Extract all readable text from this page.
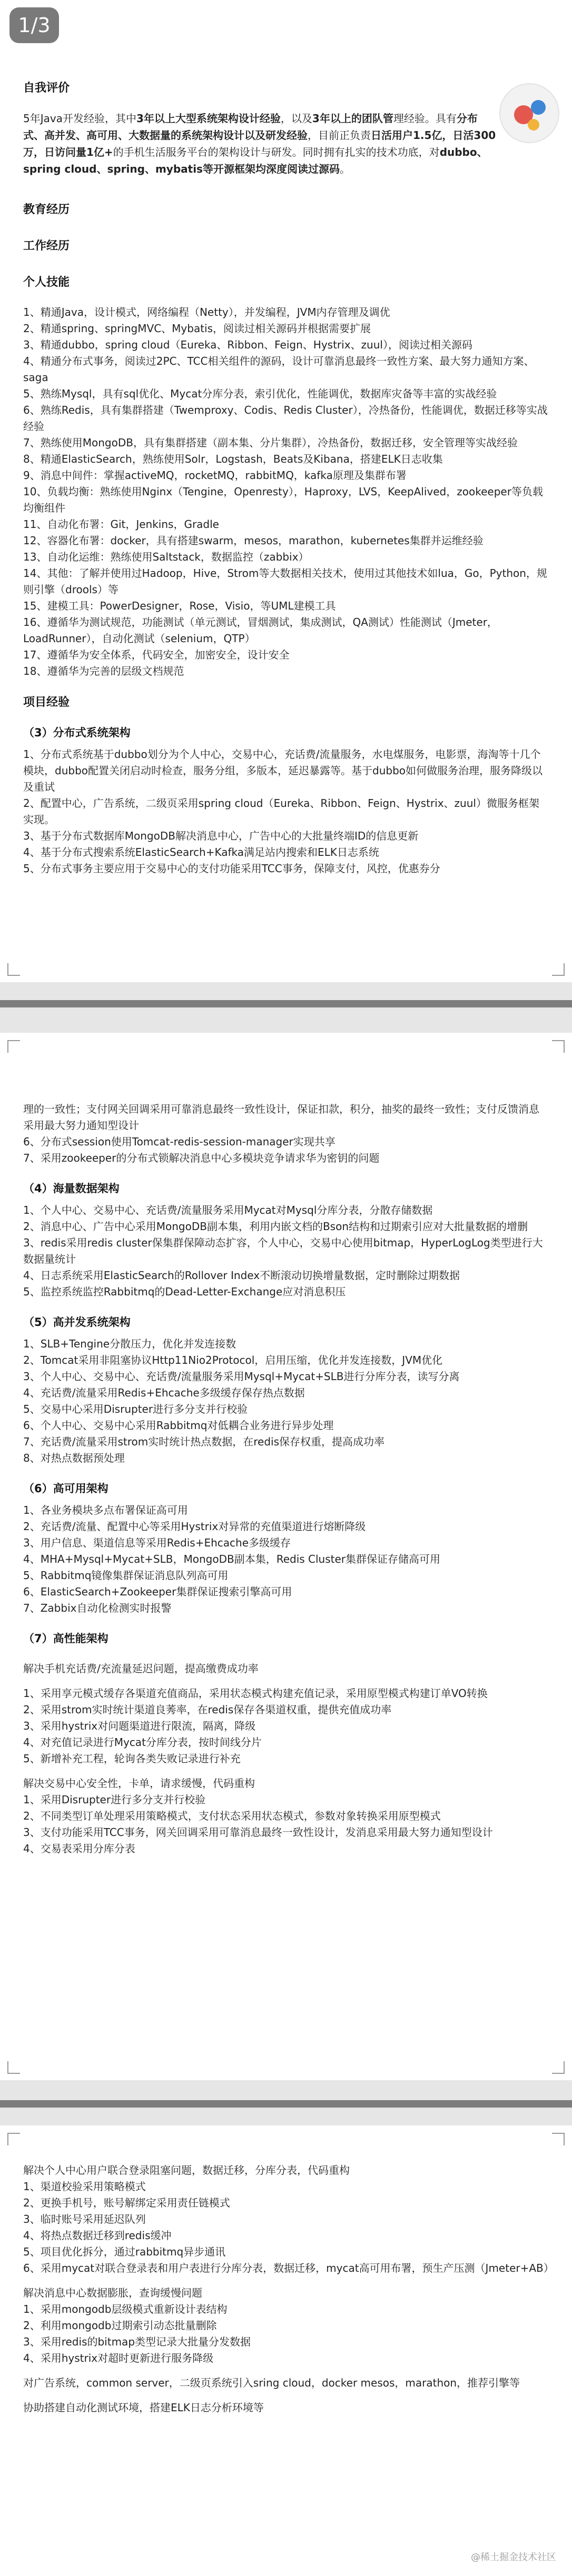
1/3
自我评价

5年Java开发经验，其中3年以上大型系统架构设计经验，以及3年以上的团队管理经验。具有分布式、高并发、高可用、大数据量的系统架构设计以及研发经验，目前正负责日活用户1.5亿，日活300万，日访问量1亿+的手机生活服务平台的架构设计与研发。同时拥有扎实的技术功底，对dubbo、spring cloud、spring、mybatis等开源框架均深度阅读过源码。

教育经历
工作经历
个人技能

1、精通Java，设计模式，网络编程（Netty），并发编程，JVM内存管理及调优

2、精通spring、springMVC、Mybatis，阅读过相关源码并根据需要扩展

3、精通dubbo，spring cloud（Eureka、Ribbon、Feign、Hystrix、zuul），阅读过相关源码

4、精通分布式事务，阅读过2PC、TCC相关组件的源码，设计可靠消息最终一致性方案、最大努力通知方案、saga

5、熟练Mysql，具有sql优化、Mycat分库分表，索引优化，性能调优，数据库灾备等丰富的实战经验

6、熟练Redis，具有集群搭建（Twemproxy、Codis、Redis Cluster），冷热备份，性能调优，数据迁移等实战经验

7、熟练使用MongoDB，具有集群搭建（副本集、分片集群），冷热备份，数据迁移，安全管理等实战经验

8、精通ElasticSearch，熟练使用Solr，Logstash，Beats及Kibana，搭建ELK日志收集

9、消息中间件：掌握activeMQ，rocketMQ，rabbitMQ，kafka原理及集群布署

10、负载均衡：熟练使用Nginx（Tengine，Openresty），Haproxy，LVS，KeepAlived，zookeeper等负载均衡组件

11、自动化布署：Git，Jenkins，Gradle

12、容器化布署：docker，具有搭建swarm，mesos，marathon，kubernetes集群并运维经验

13、自动化运维：熟练使用Saltstack，数据监控（zabbix）

14、其他：了解并使用过Hadoop，Hive，Strom等大数据相关技术，使用过其他技术如lua，Go，Python，规则引擎（drools）等

15、建模工具：PowerDesigner，Rose，Visio，等UML建模工具

16、遵循华为测试规范，功能测试（单元测试，冒烟测试，集成测试，QA测试）性能测试（Jmeter，LoadRunner），自动化测试（selenium，QTP）

17、遵循华为安全体系，代码安全，加密安全，设计安全

18、遵循华为完善的层级文档规范

项目经验
（3）分布式系统架构

1、分布式系统基于dubbo划分为个人中心，交易中心，充话费/流量服务，水电煤服务，电影票，海淘等十几个模块，dubbo配置关闭启动时检查，服务分组，多版本，延迟暴露等。基于dubbo如何做服务治理，服务降级以及重试

2、配置中心，广告系统，二级页采用spring cloud（Eureka、Ribbon、Feign、Hystrix、zuul）微服务框架实现。

3、基于分布式数据库MongoDB解决消息中心，广告中心的大批量终端ID的信息更新

4、基于分布式搜索系统ElasticSearch+Kafka满足站内搜索和ELK日志系统

5、分布式事务主要应用于交易中心的支付功能采用TCC事务，保障支付，风控，优惠券分

理的一致性；支付网关回调采用可靠消息最终一致性设计，保证扣款，积分，抽奖的最终一致性；支付反馈消息采用最大努力通知型设计

6、分布式session使用Tomcat-redis-session-manager实现共享

7、采用zookeeper的分布式锁解决消息中心多模块竞争请求华为密钥的问题

（4）海量数据架构

1、个人中心、交易中心、充话费/流量服务采用Mycat对Mysql分库分表，分散存储数据

2、消息中心、广告中心采用MongoDB副本集，利用内嵌文档的Bson结构和过期索引应对大批量数据的增删

3、redis采用redis cluster保集群保障动态扩容，个人中心，交易中心使用bitmap，HyperLogLog类型进行大数据量统计

4、日志系统采用ElasticSearch的Rollover Index不断滚动切换增量数据，定时删除过期数据

5、监控系统监控Rabbitmq的Dead-Letter-Exchange应对消息积压

（5）高并发系统架构

1、SLB+Tengine分散压力，优化并发连接数

2、Tomcat采用非阻塞协议Http11Nio2Protocol，启用压缩，优化并发连接数，JVM优化

3、个人中心、交易中心、充话费/流量服务采用Mysql+Mycat+SLB进行分库分表，读写分离

4、充话费/流量采用Redis+Ehcache多级缓存保存热点数据

5、交易中心采用Disrupter进行多分支并行校验

6、个人中心、交易中心采用Rabbitmq对低耦合业务进行异步处理

7、充话费/流量采用strom实时统计热点数据，在redis保存权重，提高成功率

8、对热点数据预处理

（6）高可用架构

1、各业务模块多点布署保证高可用

2、充话费/流量、配置中心等采用Hystrix对异常的充值渠道进行熔断降级

3、用户信息、渠道信息等采用Redis+Ehcache多级缓存

4、MHA+Mysql+Mycat+SLB，MongoDB副本集，Redis Cluster集群保证存储高可用

5、Rabbitmq镜像集群保证消息队列高可用

6、ElasticSearch+Zookeeper集群保证搜索引擎高可用

7、Zabbix自动化检测实时报警

（7）高性能架构

解决手机充话费/充流量延迟问题，提高缴费成功率

1、采用享元模式缓存各渠道充值商品，采用状态模式构建充值记录，采用原型模式构建订单VO转换

2、采用strom实时统计渠道良莠率，在redis保存各渠道权重，提供充值成功率

3、采用hystrix对问题渠道进行限流，隔离，降级

4、对充值记录进行Mycat分库分表，按时间线分片

5、新增补充工程，轮询各类失败记录进行补充

解决交易中心安全性，卡单，请求缓慢，代码重构

1、采用Disrupter进行多分支并行校验

2、不同类型订单处理采用策略模式，支付状态采用状态模式，参数对象转换采用原型模式

3、支付功能采用TCC事务，网关回调采用可靠消息最终一致性设计，发消息采用最大努力通知型设计

4、交易表采用分库分表

解决个人中心用户联合登录阻塞问题，数据迁移，分库分表，代码重构

1、渠道校验采用策略模式

2、更换手机号，账号解绑定采用责任链模式

3、临时账号采用延迟队列

4、将热点数据迁移到redis缓冲

5、项目优化拆分，通过rabbitmq异步通讯

6、采用mycat对联合登录表和用户表进行分库分表，数据迁移，mycat高可用布署，预生产压测（Jmeter+AB）

解决消息中心数据膨胀，查询缓慢问题

1、采用mongodb层级模式重新设计表结构

2、利用mongodb过期索引动态批量删除

3、采用redis的bitmap类型记录大批量分发数据

4、采用hystrix对超时更新进行服务降级

对广告系统，common server，二级页系统引入sring cloud，docker mesos，marathon，推荐引擎等

协助搭建自动化测试环境，搭建ELK日志分析环境等

@稀土掘金技术社区
